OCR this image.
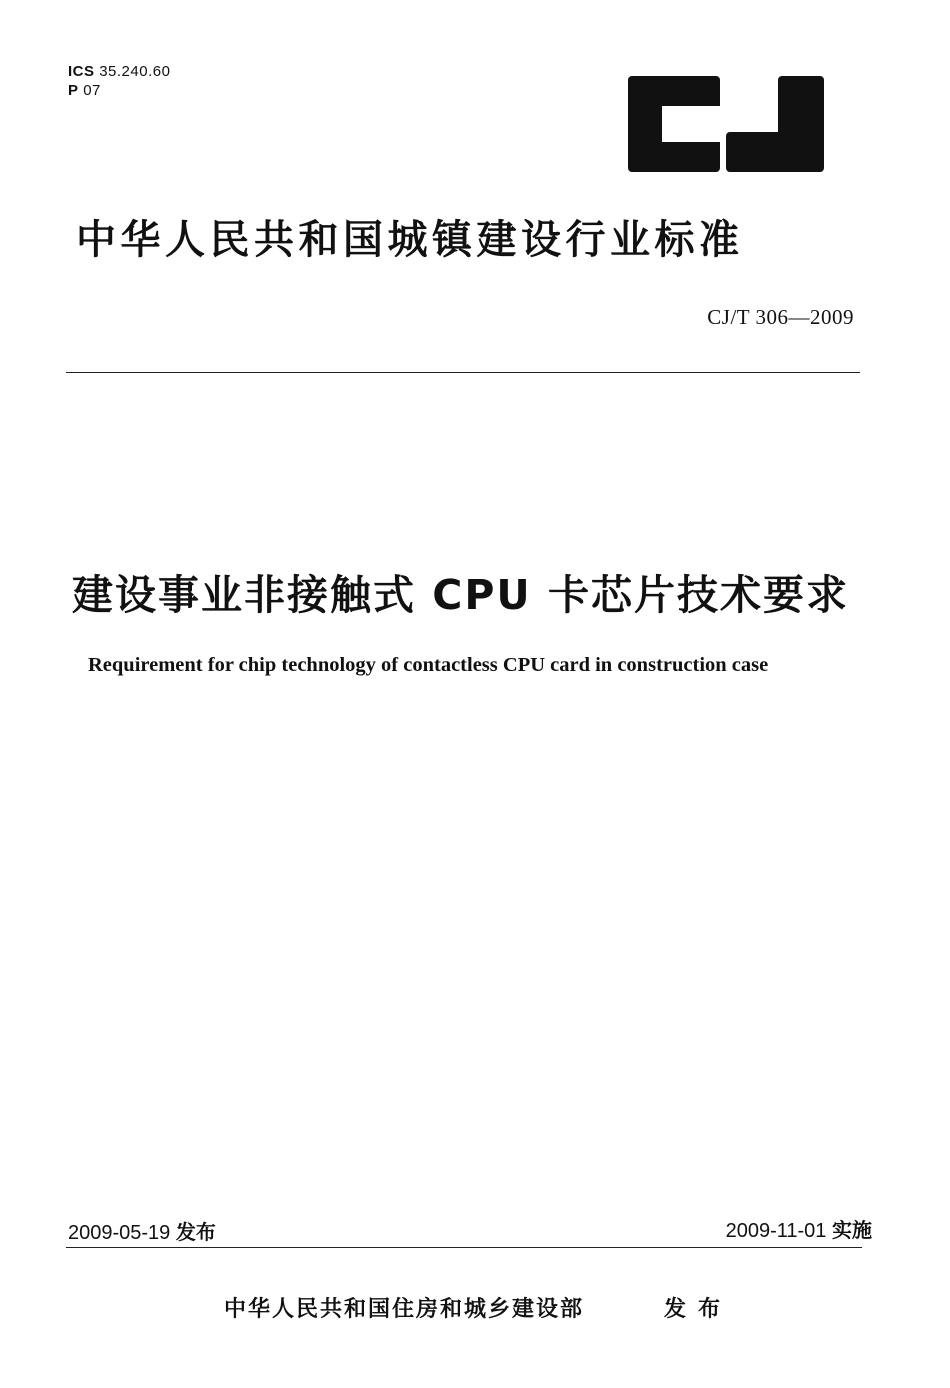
ICS 35.240.60
P 07
中华人民共和国城镇建设行业标准
CJ/T 306—2009
建设事业非接触式 CPU 卡芯片技术要求
Requirement for chip technology of contactless CPU card in construction case
2009-05-19 发布	2009-11-01 实施
中华人民共和国住房和城乡建设部	发布
